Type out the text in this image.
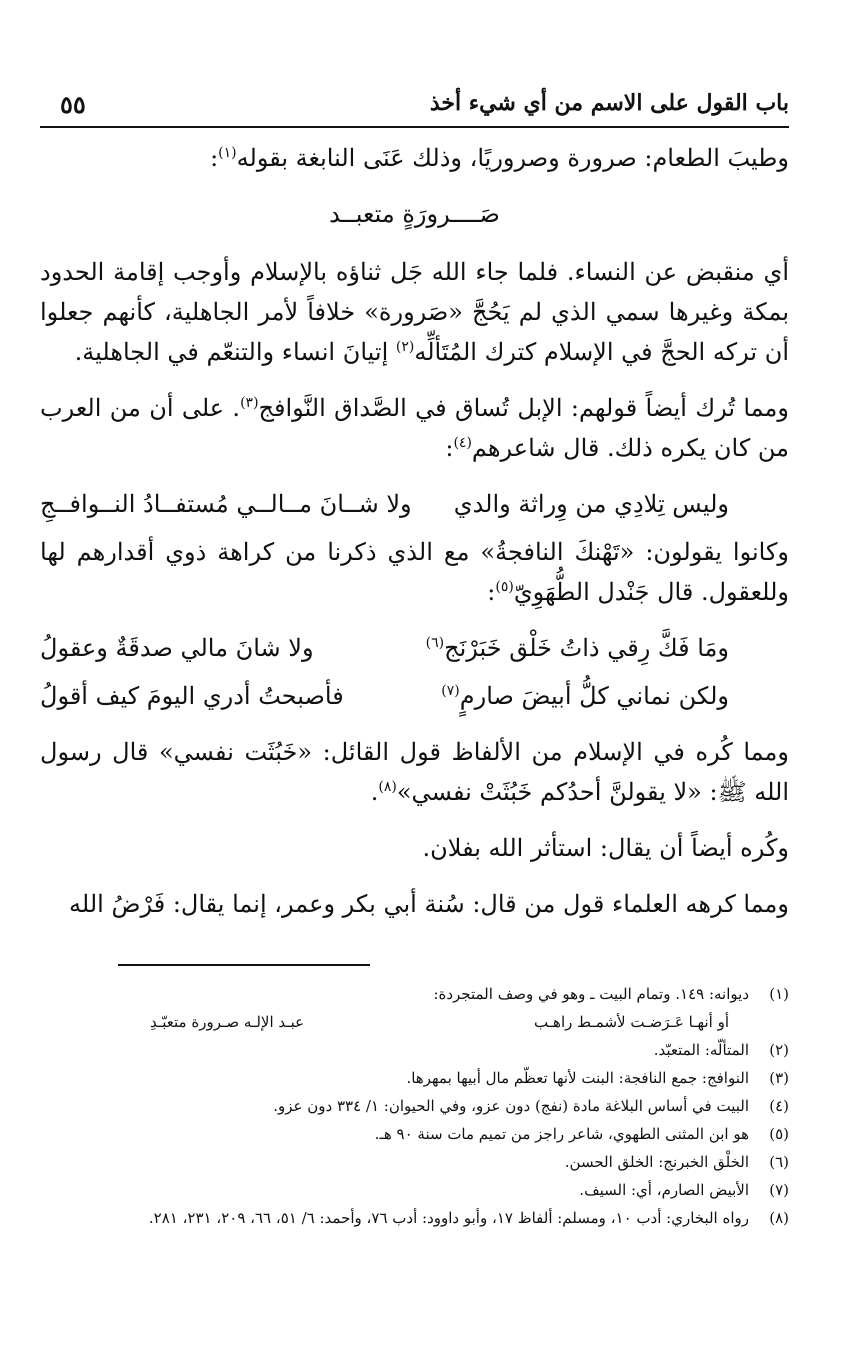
باب القول على الاسم من أي شيء أخذ
٥٥

وطيبَ الطعام: صرورة وصروريًا، وذلك عَنَى النابغة بقوله$^{(١)}$:

صَــــرورَةٍ متعبــد

أي منقبض عن النساء. فلما جاء الله جَل ثناؤه بالإسلام وأوجب إقامة الحدود بمكة وغيرها سمي الذي لم يَحُجَّ «صَرورة» خلافاً لأمر الجاهلية، كأنهم جعلوا أن تركه الحجَّ في الإسلام كترك المُتَألِّه$^{(٢)}$ إتيانَ انساء والتنعّم في الجاهلية.

ومما تُرك أيضاً قولهم: الإبل تُساق في الصَّداق النَّوافج$^{(٣)}$. على أن من العرب من كان يكره ذلك. قال شاعرهم$^{(٤)}$:

وليس تِلادِي من وِراثة والدي
ولا شــانَ مــالــي مُستفــادُ النــوافــجِ

وكانوا يقولون: «تَهْنكَ النافجةُ» مع الذي ذكرنا من كراهة ذوي أقدارهم لها وللعقول. قال جَنْدل الطُّهَوِيّ$^{(٥)}$:

ومَا فَكَّ رِقي ذاتُ خَلْق خَبَرْنَج$^{(٦)}$
ولا شانَ مالي صدقَةٌ وعقولُ
ولكن نماني كلُّ أبيضَ صارمٍ$^{(٧)}$
فأصبحتُ أدري اليومَ كيف أقولُ

ومما كُره في الإسلام من الألفاظ قول القائل: «خَبُثَت نفسي» قال رسول الله ﷺ: «لا يقولنَّ أحدُكم خَبُثَتْ نفسي»$^{(٨)}$.

وكُره أيضاً أن يقال: استأثر الله بفلان.

ومما كرهه العلماء قول من قال: سُنة أبي بكر وعمر، إنما يقال: فَرْضُ الله

(١)
ديوانه: ١٤٩. وتمام البيت ـ وهو في وصف المتجردة:
أو أنهـا عَـرَضـت لأشمـط راهـب
عبـد الإلـه صـرورة متعبّـدِ
(٢)
المتألّه: المتعبّد.
(٣)
النوافج: جمع النافجة: البنت لأنها تعظّم مال أبيها بمهرها.
(٤)
البيت في أساس البلاغة مادة (نفج) دون عزو، وفي الحيوان: ١/ ٣٣٤ دون عزو.
(٥)
هو ابن المثنى الطهوي، شاعر راجز من تميم مات سنة ٩٠ هـ.
(٦)
الخلْق الخبرنج: الخلق الحسن.
(٧)
الأبيض الصارم، أي: السيف.
(٨)
رواه البخاري: أدب ١٠، ومسلم: ألفاظ ١٧، وأبو داوود: أدب ٧٦، وأحمد: ٦/ ٥١، ٦٦، ٢٠٩، ٢٣١، ٢٨١.
